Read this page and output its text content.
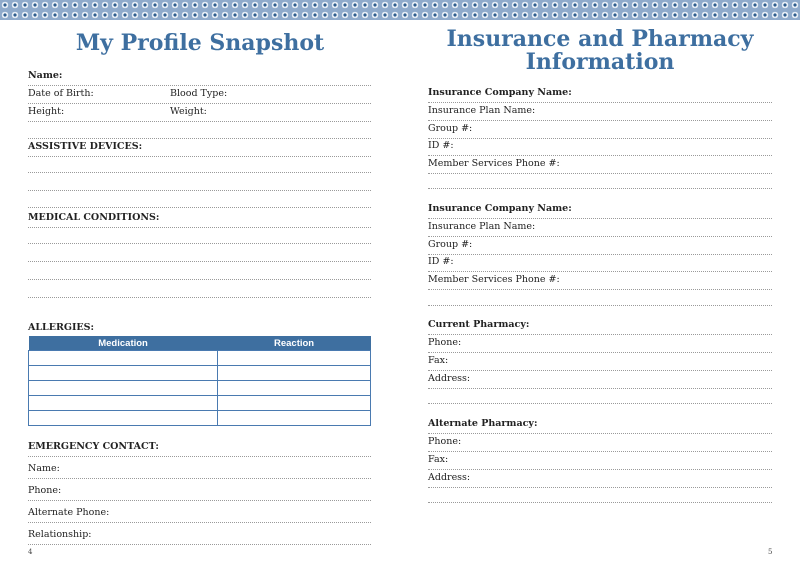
My Profile Snapshot
Name:
Date of Birth:	Blood Type:
Height:	Weight:
ASSISTIVE DEVICES:
MEDICAL CONDITIONS:
ALLERGIES:
Medication	Reaction

EMERGENCY CONTACT:
Name:
Phone:
Alternate Phone:
Relationship:
4
Insurance and Pharmacy
Information
Insurance Company Name:
Insurance Plan Name:
Group #:
ID #:
Member Services Phone #:
Insurance Company Name:
Insurance Plan Name:
Group #:
ID #:
Member Services Phone #:
Current Pharmacy:
Phone:
Fax:
Address:
Alternate Pharmacy:
Phone:
Fax:
Address:
5
